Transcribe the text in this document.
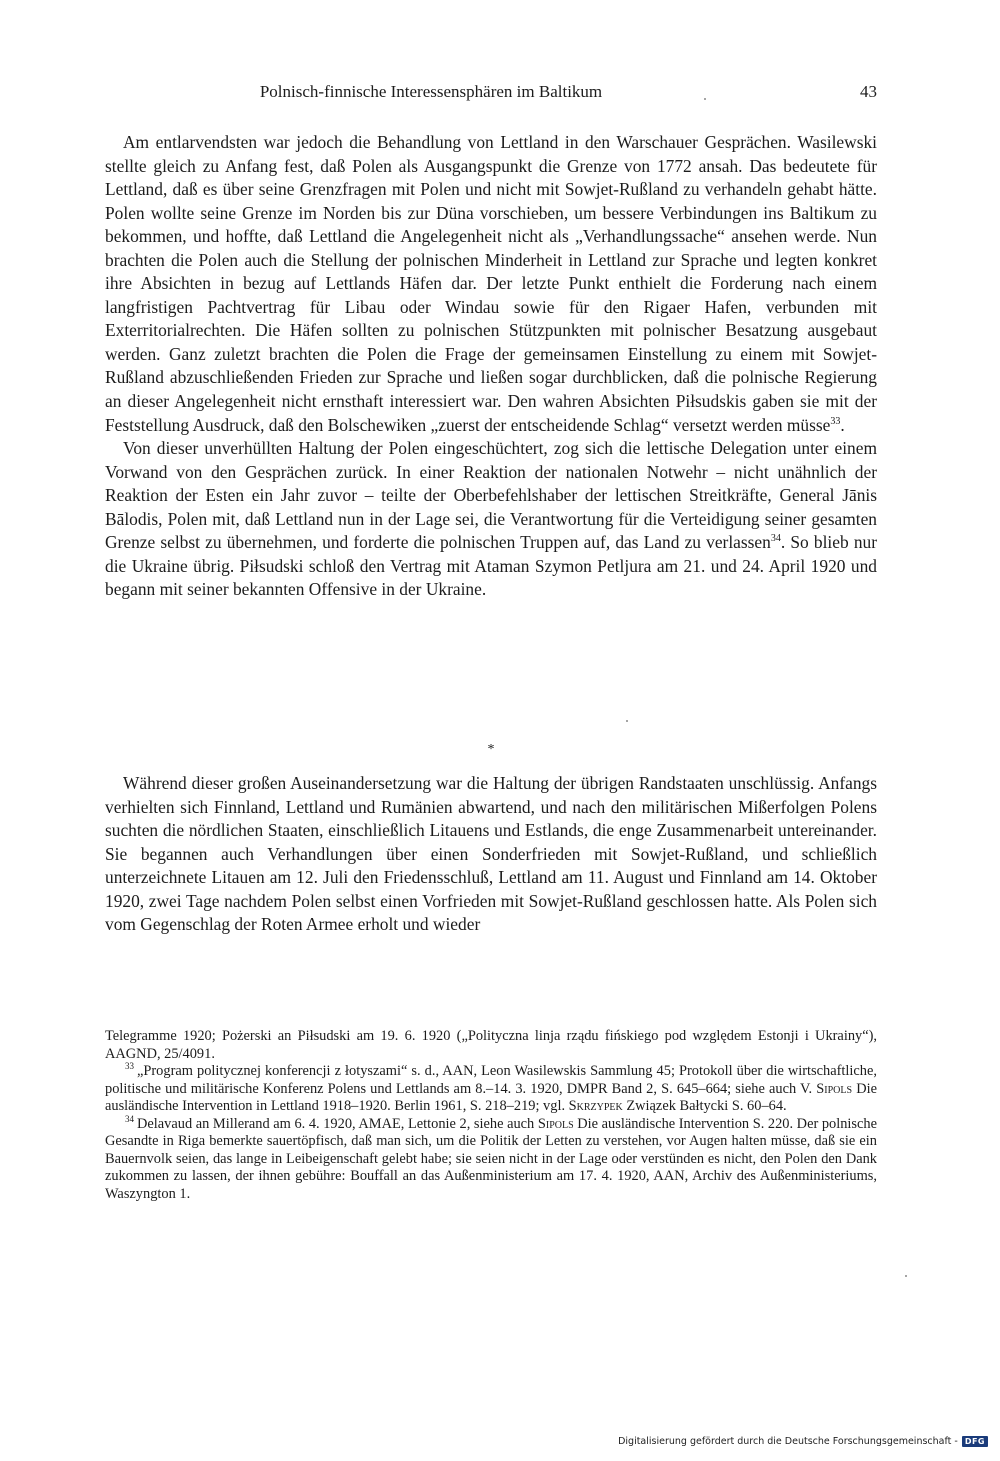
Polnisch-finnische Interessensphären im Baltikum	43

Am entlarvendsten war jedoch die Behandlung von Lettland in den Warschauer Gesprächen. Wasilewski stellte gleich zu Anfang fest, daß Polen als Ausgangspunkt die Grenze von 1772 ansah. Das bedeutete für Lettland, daß es über seine Grenzfragen mit Polen und nicht mit Sowjet-Rußland zu verhandeln gehabt hätte. Polen wollte seine Grenze im Norden bis zur Düna vorschieben, um bessere Verbindungen ins Baltikum zu bekommen, und hoffte, daß Lettland die Angelegenheit nicht als „Verhandlungssache“ ansehen werde. Nun brachten die Polen auch die Stellung der polnischen Minderheit in Lettland zur Sprache und legten konkret ihre Absichten in bezug auf Lettlands Häfen dar. Der letzte Punkt enthielt die Forderung nach einem langfristigen Pachtvertrag für Libau oder Windau sowie für den Rigaer Hafen, verbunden mit Exterritorialrechten. Die Häfen sollten zu polnischen Stützpunkten mit polnischer Besatzung ausgebaut werden. Ganz zuletzt brachten die Polen die Frage der gemeinsamen Einstellung zu einem mit Sowjet-Rußland abzuschließenden Frieden zur Sprache und ließen sogar durchblicken, daß die polnische Regierung an dieser Angelegenheit nicht ernsthaft interessiert war. Den wahren Absichten Piłsudskis gaben sie mit der Feststellung Ausdruck, daß den Bolschewiken „zuerst der entscheidende Schlag“ versetzt werden müsse$^{33}$.

Von dieser unverhüllten Haltung der Polen eingeschüchtert, zog sich die lettische Delegation unter einem Vorwand von den Gesprächen zurück. In einer Reaktion der nationalen Notwehr – nicht unähnlich der Reaktion der Esten ein Jahr zuvor – teilte der Oberbefehlshaber der lettischen Streitkräfte, General Jānis Bālodis, Polen mit, daß Lettland nun in der Lage sei, die Verantwortung für die Verteidigung seiner gesamten Grenze selbst zu übernehmen, und forderte die polnischen Truppen auf, das Land zu verlassen$^{34}$. So blieb nur die Ukraine übrig. Piłsudski schloß den Vertrag mit Ataman Szymon Petljura am 21. und 24. April 1920 und begann mit seiner bekannten Offensive in der Ukraine.

*

Während dieser großen Auseinandersetzung war die Haltung der übrigen Randstaaten unschlüssig. Anfangs verhielten sich Finnland, Lettland und Rumänien abwartend, und nach den militärischen Mißerfolgen Polens suchten die nördlichen Staaten, einschließlich Litauens und Estlands, die enge Zusammenarbeit untereinander. Sie begannen auch Verhandlungen über einen Sonderfrieden mit Sowjet-Rußland, und schließlich unterzeichnete Litauen am 12. Juli den Friedensschluß, Lettland am 11. August und Finnland am 14. Oktober 1920, zwei Tage nachdem Polen selbst einen Vorfrieden mit Sowjet-Rußland geschlossen hatte. Als Polen sich vom Gegenschlag der Roten Armee erholt und wieder

Telegramme 1920; Pożerski an Piłsudski am 19. 6. 1920 („Polityczna linja rządu fińskiego pod względem Estonji i Ukrainy“), AAGND, 25/4091.

$^{33}$ „Program politycznej konferencji z łotyszami“ s. d., AAN, Leon Wasilewskis Sammlung 45; Protokoll über die wirtschaftliche, politische und militärische Konferenz Polens und Lettlands am 8.–14. 3. 1920, DMPR Band 2, S. 645–664; siehe auch V. Sipols Die ausländische Intervention in Lettland 1918–1920. Berlin 1961, S. 218–219; vgl. Skrzypek Związek Bałtycki S. 60–64.

$^{34}$ Delavaud an Millerand am 6. 4. 1920, AMAE, Lettonie 2, siehe auch Sipols Die ausländische Intervention S. 220. Der polnische Gesandte in Riga bemerkte sauertöpfisch, daß man sich, um die Politik der Letten zu verstehen, vor Augen halten müsse, daß sie ein Bauernvolk seien, das lange in Leibeigenschaft gelebt habe; sie seien nicht in der Lage oder verstünden es nicht, den Polen den Dank zukommen zu lassen, der ihnen gebühre: Bouffall an das Außenministerium am 17. 4. 1920, AAN, Archiv des Außenministeriums, Waszyngton 1.

Digitalisierung gefördert durch die Deutsche Forschungsgemeinschaft - DFG
